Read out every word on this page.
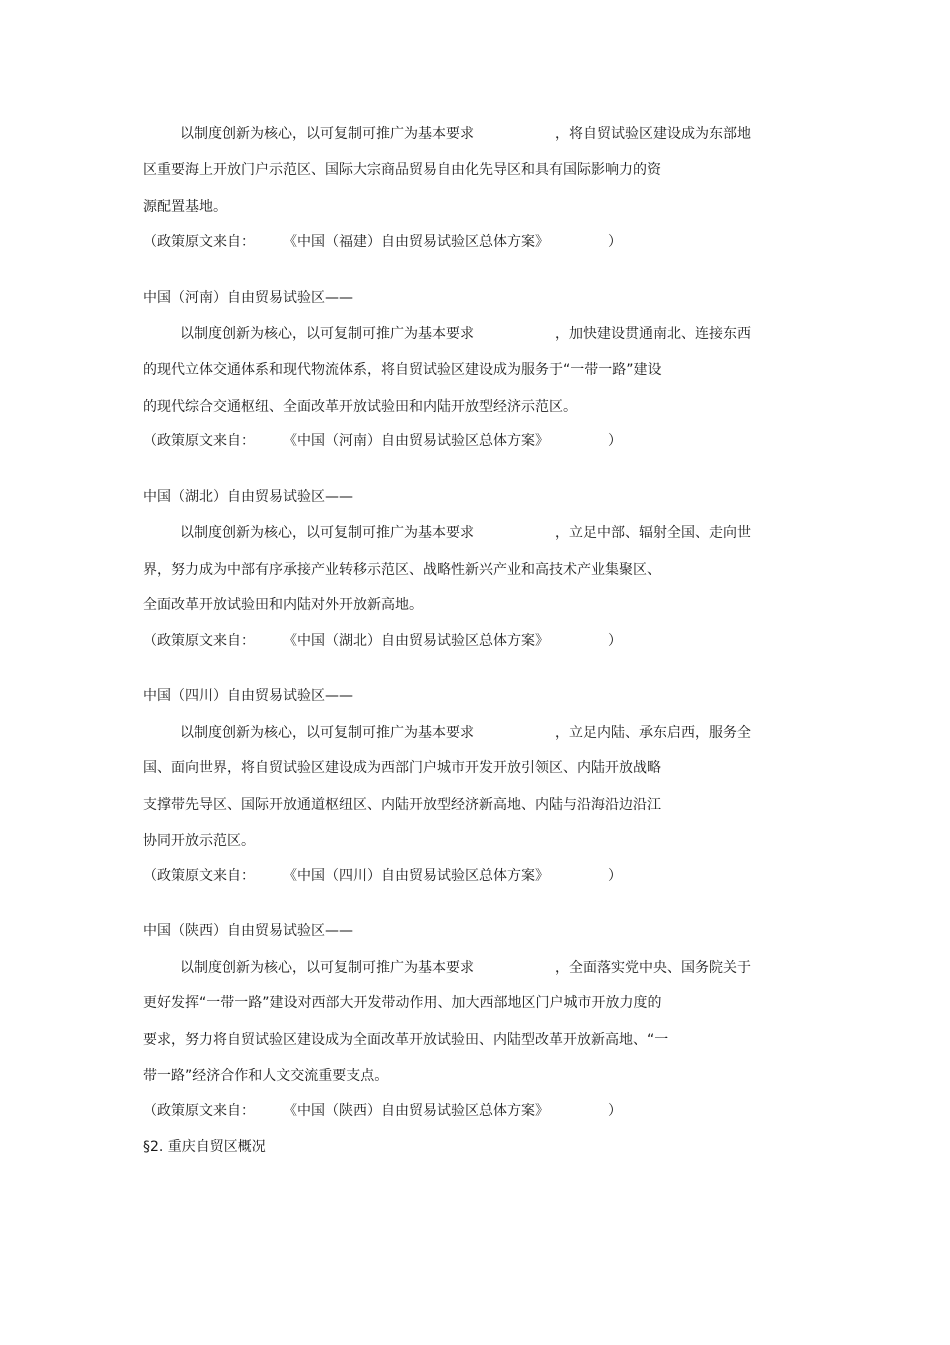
以制度创新为核心，以可复制可推广为基本要求	，将自贸试验区建设成为东部地
区重要海上开放门户示范区、国际大宗商品贸易自由化先导区和具有国际影响力的资
源配置基地。
（政策原文来自： 《中国（福建）自由贸易试验区总体方案》	）
中国（河南）自由贸易试验区——
以制度创新为核心，以可复制可推广为基本要求	，加快建设贯通南北、连接东西
的现代立体交通体系和现代物流体系，将自贸试验区建设成为服务于“一带一路”建设
的现代综合交通枢纽、全面改革开放试验田和内陆开放型经济示范区。
（政策原文来自： 《中国（河南）自由贸易试验区总体方案》	）
中国（湖北）自由贸易试验区——
以制度创新为核心，以可复制可推广为基本要求	，立足中部、辐射全国、走向世
界，努力成为中部有序承接产业转移示范区、战略性新兴产业和高技术产业集聚区、
全面改革开放试验田和内陆对外开放新高地。
（政策原文来自： 《中国（湖北）自由贸易试验区总体方案》	）
中国（四川）自由贸易试验区——
以制度创新为核心，以可复制可推广为基本要求	，立足内陆、承东启西，服务全
国、面向世界，将自贸试验区建设成为西部门户城市开发开放引领区、内陆开放战略
支撑带先导区、国际开放通道枢纽区、内陆开放型经济新高地、内陆与沿海沿边沿江
协同开放示范区。
（政策原文来自： 《中国（四川）自由贸易试验区总体方案》	）
中国（陕西）自由贸易试验区——
以制度创新为核心，以可复制可推广为基本要求	，全面落实党中央、国务院关于
更好发挥“一带一路”建设对西部大开发带动作用、加大西部地区门户城市开放力度的
要求，努力将自贸试验区建设成为全面改革开放试验田、内陆型改革开放新高地、“一
带一路”经济合作和人文交流重要支点。
（政策原文来自： 《中国（陕西）自由贸易试验区总体方案》	）
§2. 重庆自贸区概况
